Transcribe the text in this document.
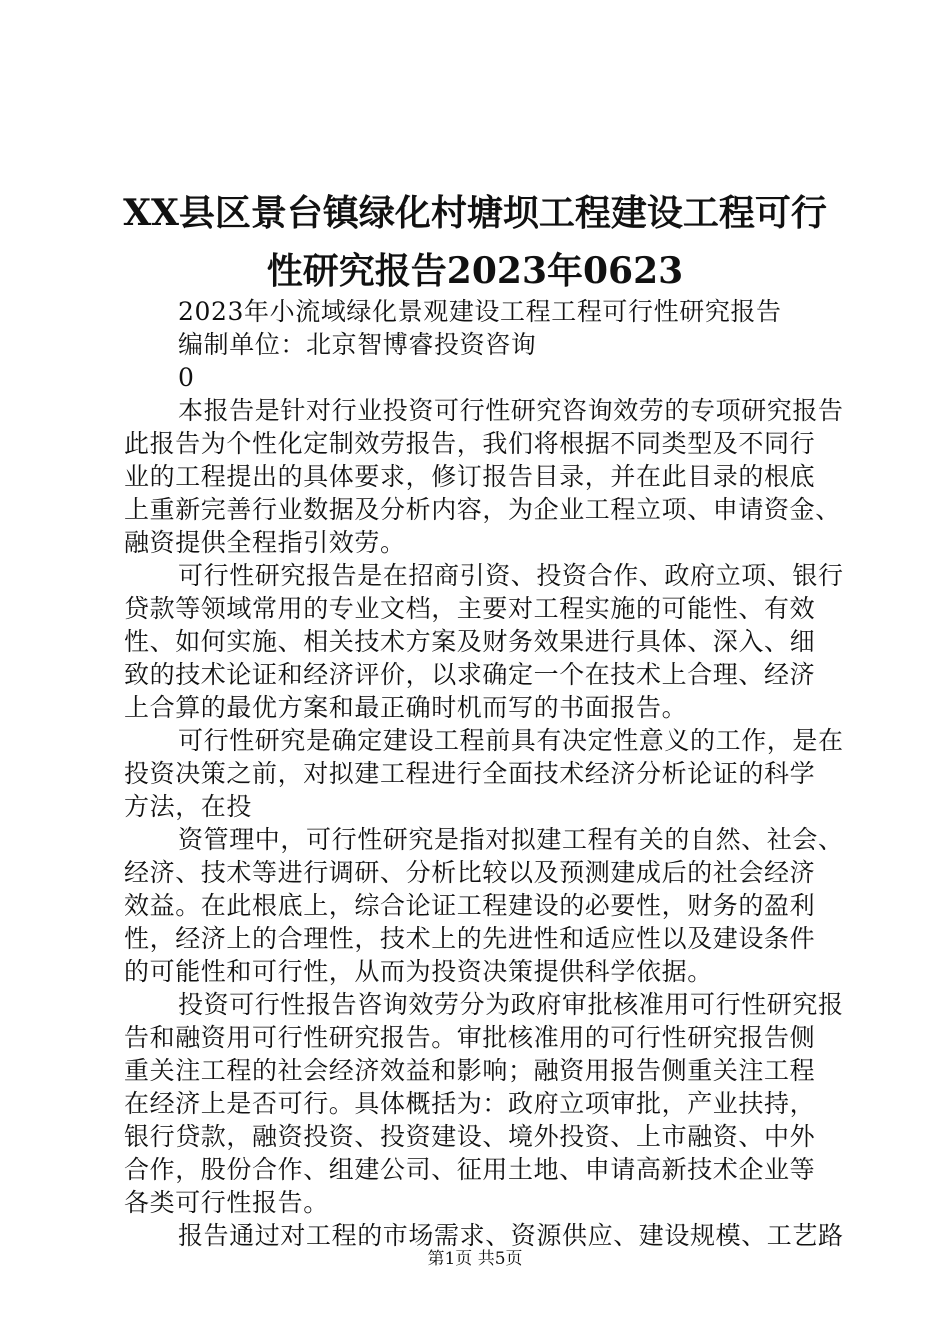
XX县区景台镇绿化村塘坝工程建设工程可行
性研究报告2023年0623
2023年小流域绿化景观建设工程工程可行性研究报告
编制单位：北京智博睿投资咨询
0
本报告是针对行业投资可行性研究咨询效劳的专项研究报告
此报告为个性化定制效劳报告，我们将根据不同类型及不同行
业的工程提出的具体要求，修订报告目录，并在此目录的根底
上重新完善行业数据及分析内容，为企业工程立项、申请资金、
融资提供全程指引效劳。
可行性研究报告是在招商引资、投资合作、政府立项、银行
贷款等领域常用的专业文档，主要对工程实施的可能性、有效
性、如何实施、相关技术方案及财务效果进行具体、深入、细
致的技术论证和经济评价，以求确定一个在技术上合理、经济
上合算的最优方案和最正确时机而写的书面报告。
可行性研究是确定建设工程前具有决定性意义的工作，是在
投资决策之前，对拟建工程进行全面技术经济分析论证的科学
方法，在投
资管理中，可行性研究是指对拟建工程有关的自然、社会、
经济、技术等进行调研、分析比较以及预测建成后的社会经济
效益。在此根底上，综合论证工程建设的必要性，财务的盈利
性，经济上的合理性，技术上的先进性和适应性以及建设条件
的可能性和可行性，从而为投资决策提供科学依据。
投资可行性报告咨询效劳分为政府审批核准用可行性研究报
告和融资用可行性研究报告。审批核准用的可行性研究报告侧
重关注工程的社会经济效益和影响；融资用报告侧重关注工程
在经济上是否可行。具体概括为：政府立项审批，产业扶持，
银行贷款，融资投资、投资建设、境外投资、上市融资、中外
合作，股份合作、组建公司、征用土地、申请高新技术企业等
各类可行性报告。
报告通过对工程的市场需求、资源供应、建设规模、工艺路
第1页 共5页
